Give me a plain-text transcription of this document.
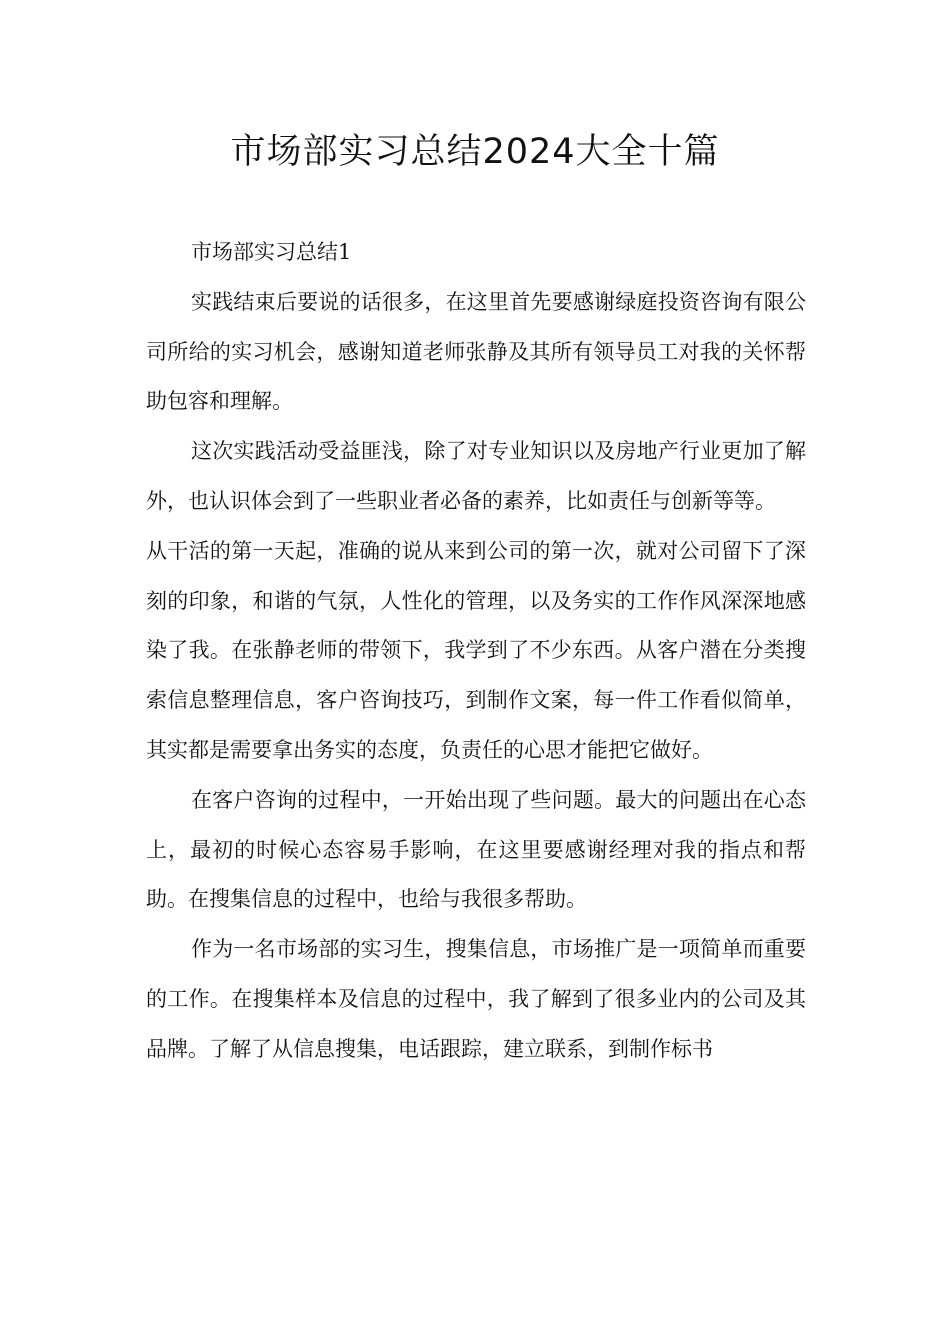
市场部实习总结2024大全十篇

市场部实习总结1

实践结束后要说的话很多，在这里首先要感谢绿庭投资咨询有限公司所给的实习机会，感谢知道老师张静及其所有领导员工对我的关怀帮助包容和理解。

这次实践活动受益匪浅，除了对专业知识以及房地产行业更加了解外，也认识体会到了一些职业者必备的素养，比如责任与创新等等。

从干活的第一天起，准确的说从来到公司的第一次，就对公司留下了深刻的印象，和谐的气氛，人性化的管理，以及务实的工作作风深深地感染了我。在张静老师的带领下，我学到了不少东西。从客户潜在分类搜索信息整理信息，客户咨询技巧，到制作文案，每一件工作看似简单，其实都是需要拿出务实的态度，负责任的心思才能把它做好。

在客户咨询的过程中，一开始出现了些问题。最大的问题出在心态上，最初的时候心态容易手影响，在这里要感谢经理对我的指点和帮助。在搜集信息的过程中，也给与我很多帮助。

作为一名市场部的实习生，搜集信息，市场推广是一项简单而重要的工作。在搜集样本及信息的过程中，我了解到了很多业内的公司及其品牌。了解了从信息搜集，电话跟踪，建立联系，到制作标书
